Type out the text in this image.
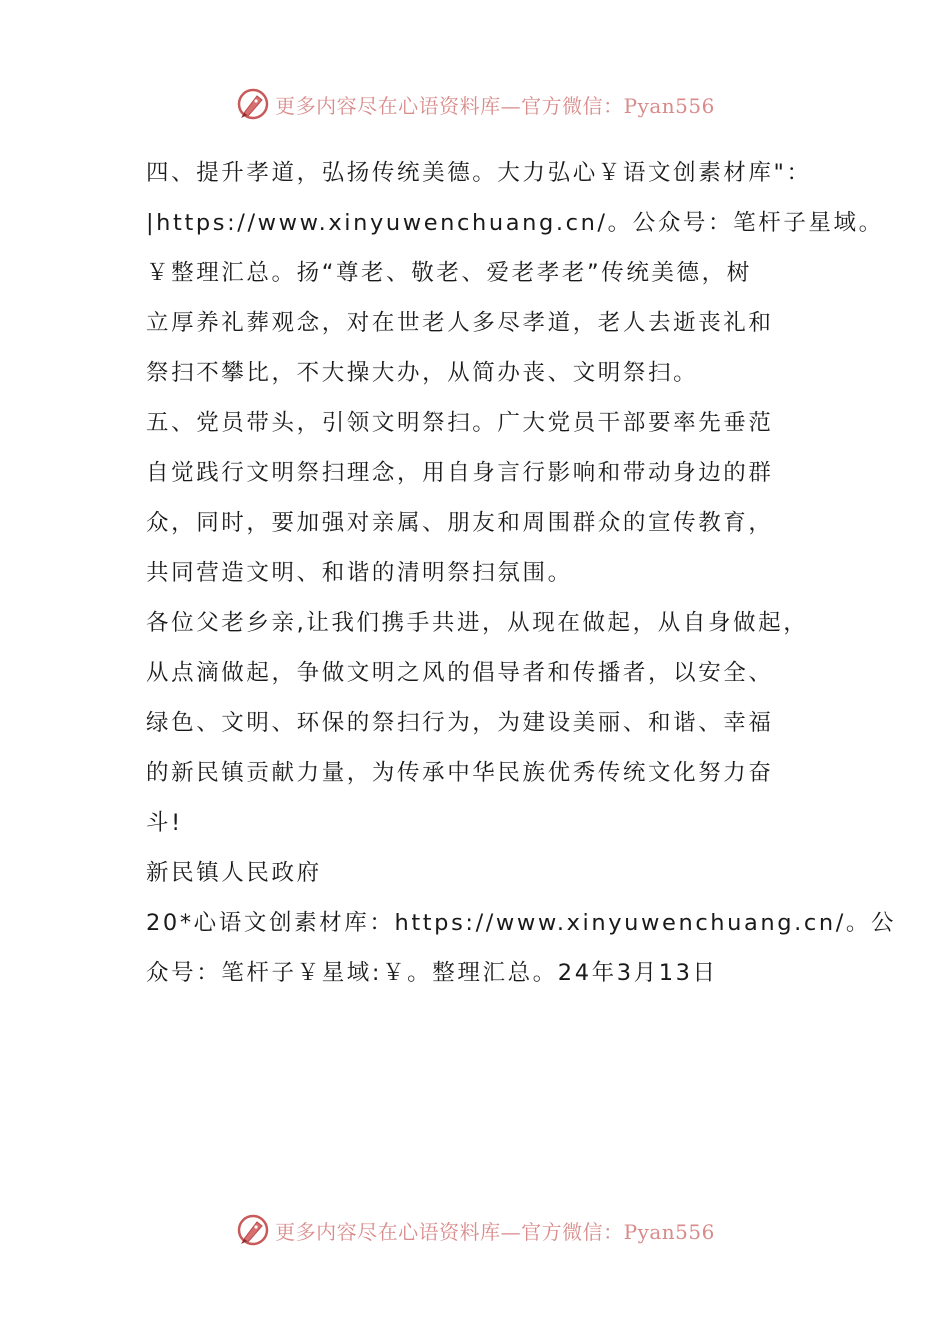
更多内容尽在心语资料库—官方微信：Pyan556
四、提升孝道，弘扬传统美德。大力弘心￥语文创素材库"：
|https://www.xinyuwenchuang.cn/。公众号：笔杆子星域。
￥整理汇总。扬“尊老、敬老、爱老孝老”传统美德，树
立厚养礼葬观念，对在世老人多尽孝道，老人去逝丧礼和
祭扫不攀比，不大操大办，从简办丧、文明祭扫。
五、党员带头，引领文明祭扫。广大党员干部要率先垂范
自觉践行文明祭扫理念，用自身言行影响和带动身边的群
众，同时，要加强对亲属、朋友和周围群众的宣传教育，
共同营造文明、和谐的清明祭扫氛围。
各位父老乡亲,让我们携手共进，从现在做起，从自身做起，
从点滴做起，争做文明之风的倡导者和传播者，以安全、
绿色、文明、环保的祭扫行为，为建设美丽、和谐、幸福
的新民镇贡献力量，为传承中华民族优秀传统文化努力奋
斗!
新民镇人民政府
20*心语文创素材库：https://www.xinyuwenchuang.cn/。公
众号：笔杆子￥星域:￥。整理汇总。24年3月13日
更多内容尽在心语资料库—官方微信：Pyan556
